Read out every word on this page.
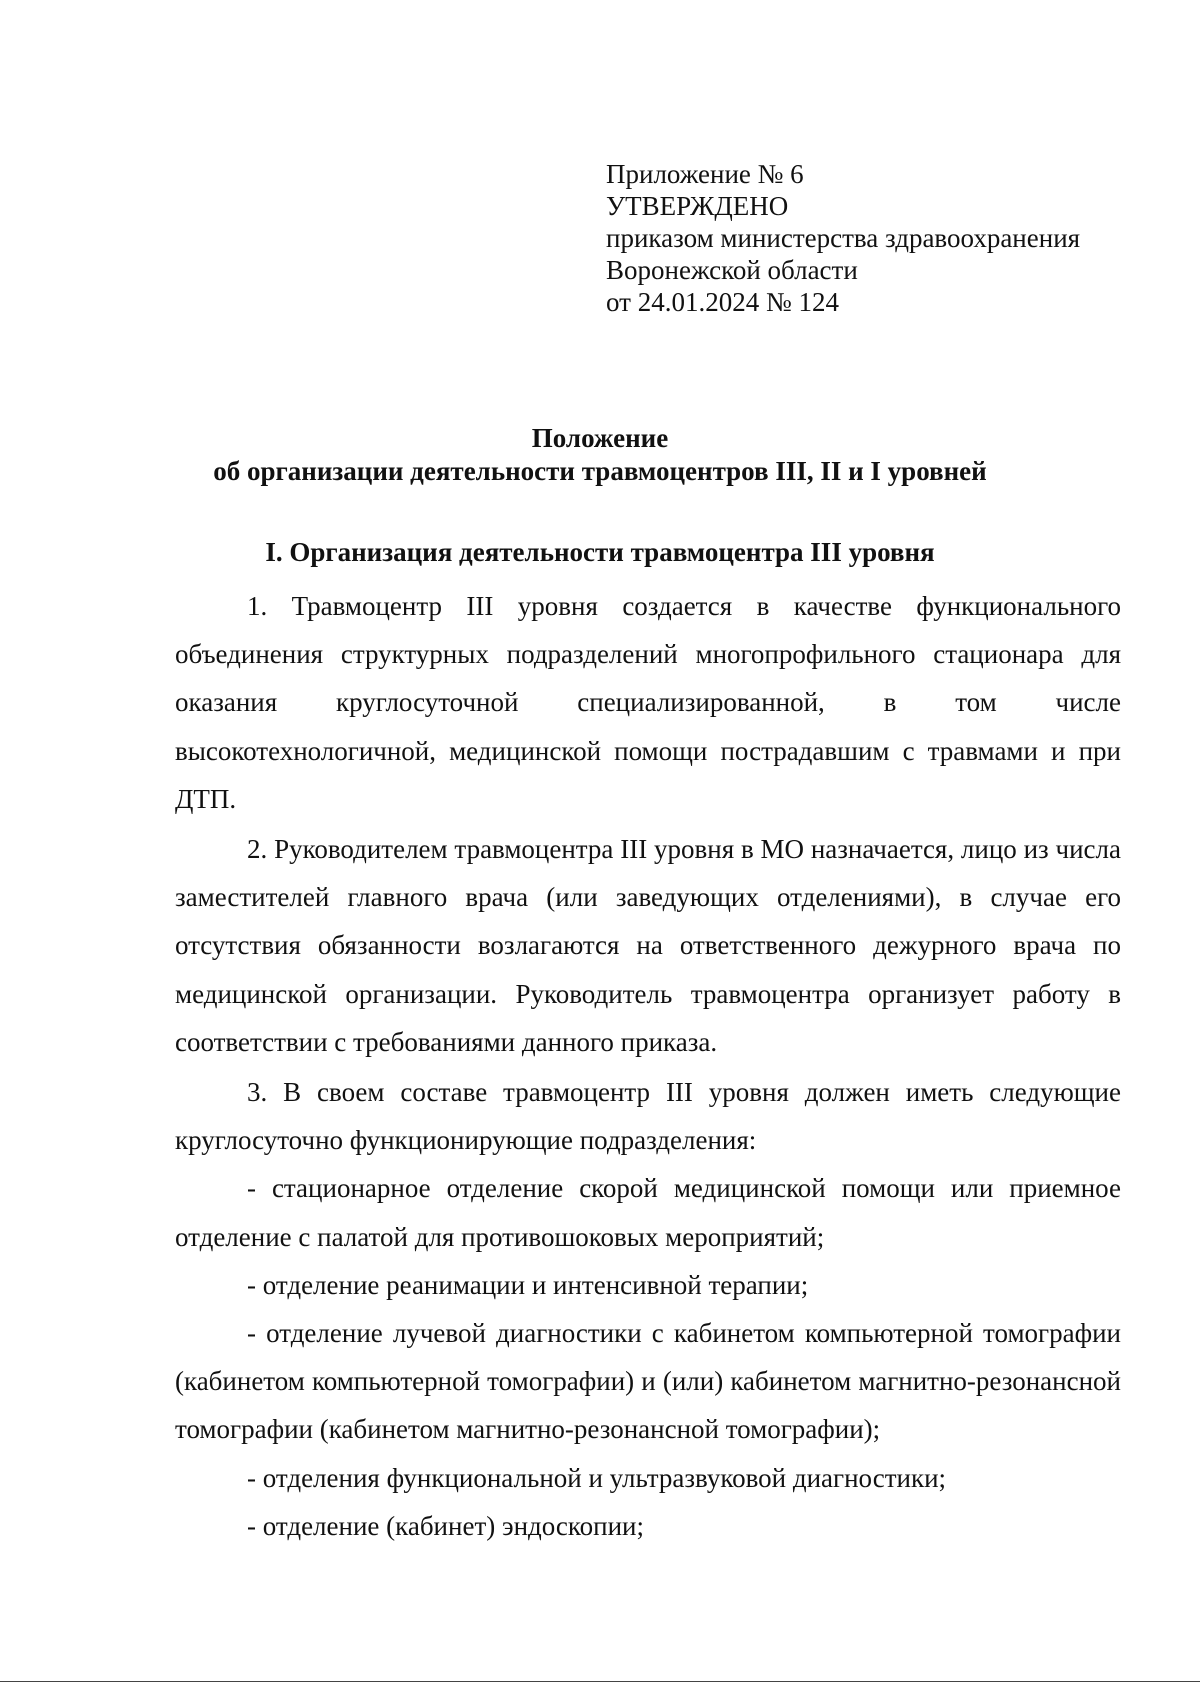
Приложение № 6

УТВЕРЖДЕНО

приказом министерства здравоохранения

Воронежской области

от 24.01.2024 № 124

Положение

об организации деятельности травмоцентров III, II и I уровней

I. Организация деятельности травмоцентра III уровня

1. Травмоцентр III уровня создается в качестве функционального объединения структурных подразделений многопрофильного стационара для оказания круглосуточной специализированной, в том числе высокотехнологичной, медицинской помощи пострадавшим с травмами и при ДТП.

2. Руководителем травмоцентра III уровня в МО назначается, лицо из числа заместителей главного врача (или заведующих отделениями), в случае его отсутствия обязанности возлагаются на ответственного дежурного врача по медицинской организации. Руководитель травмоцентра организует работу в соответствии с требованиями данного приказа.

3. В своем составе травмоцентр III уровня должен иметь следующие круглосуточно функционирующие подразделения:

- стационарное отделение скорой медицинской помощи или приемное отделение с палатой для противошоковых мероприятий;

- отделение реанимации и интенсивной терапии;

- отделение лучевой диагностики с кабинетом компьютерной томографии (кабинетом компьютерной томографии) и (или) кабинетом магнитно-резонансной томографии (кабинетом магнитно-резонансной томографии);

- отделения функциональной и ультразвуковой диагностики;

- отделение (кабинет) эндоскопии;
